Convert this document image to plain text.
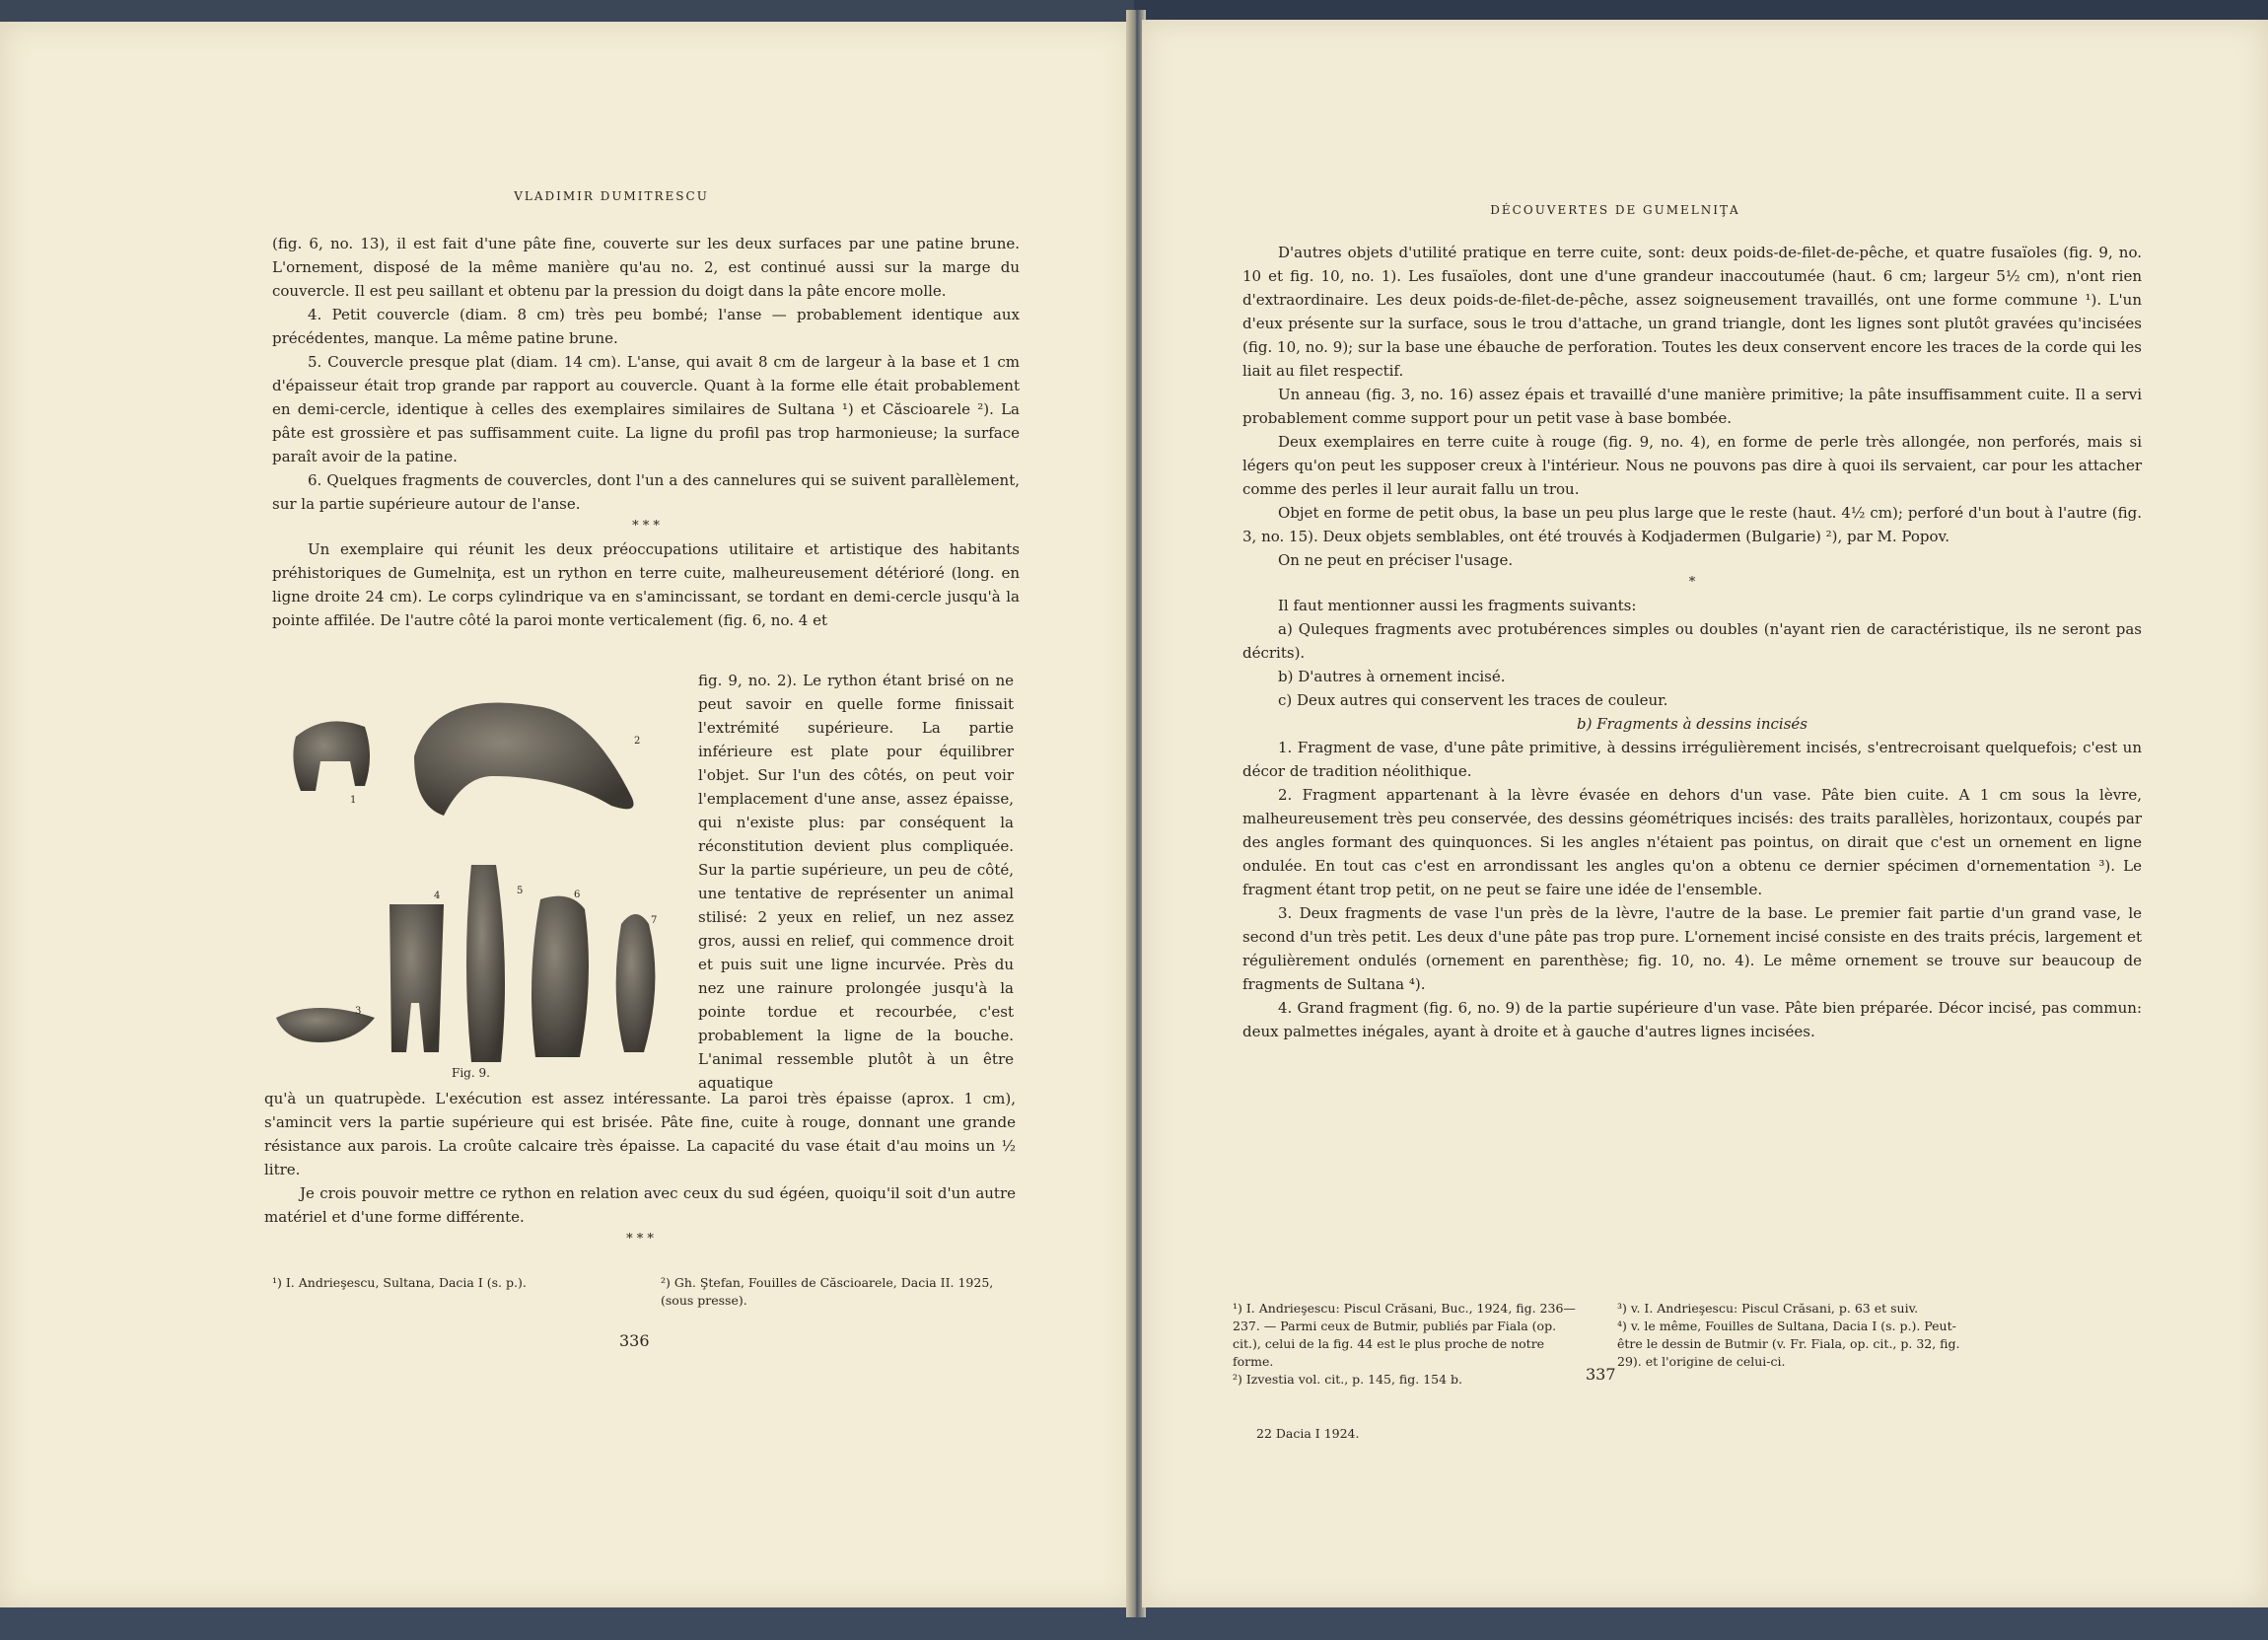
VLADIMIR DUMITRESCU

(fig. 6, no. 13), il est fait d'une pâte fine, couverte sur les deux surfaces par une patine brune. L'ornement, disposé de la même manière qu'au no. 2, est continué aussi sur la marge du couvercle. Il est peu saillant et obtenu par la pression du doigt dans la pâte encore molle.

4. Petit couvercle (diam. 8 cm) très peu bombé; l'anse — probablement identique aux précédentes, manque. La même patine brune.

5. Couvercle presque plat (diam. 14 cm). L'anse, qui avait 8 cm de largeur à la base et 1 cm d'épaisseur était trop grande par rapport au couvercle. Quant à la forme elle était probablement en demi-cercle, identique à celles des exemplaires similaires de Sultana ¹) et Căscioarele ²). La pâte est grossière et pas suffisamment cuite. La ligne du profil pas trop harmonieuse; la surface paraît avoir de la patine.

6. Quelques fragments de couvercles, dont l'un a des cannelures qui se suivent parallèlement, sur la partie supérieure autour de l'anse.

* * *

Un exemplaire qui réunit les deux préoccupations utilitaire et artistique des habitants préhistoriques de Gumelniţa, est un rython en terre cuite, malheureusement détérioré (long. en ligne droite 24 cm). Le corps cylindrique va en s'amincissant, se tordant en demi-cercle jusqu'à la pointe affilée. De l'autre côté la paroi monte verticalement (fig. 6, no. 4 et

fig. 9, no. 2). Le rython étant brisé on ne peut savoir en quelle forme finissait l'extrémité supérieure. La partie inférieure est plate pour équilibrer l'objet. Sur l'un des côtés, on peut voir l'emplacement d'une anse, assez épaisse, qui n'existe plus: par conséquent la réconstitution devient plus compliquée. Sur la partie supérieure, un peu de côté, une tentative de représenter un animal stilisé: 2 yeux en relief, un nez assez gros, aussi en relief, qui commence droit et puis suit une ligne incurvée. Près du nez une rainure prolongée jusqu'à la pointe tordue et recourbée, c'est probablement la ligne de la bouche. L'animal ressemble plutôt à un être aquatique

1
2
3
4	5	6
7
Fig. 9.

qu'à un quatrupède. L'exécution est assez intéressante. La paroi très épaisse (aprox. 1 cm), s'amincit vers la partie supérieure qui est brisée. Pâte fine, cuite à rouge, donnant une grande résistance aux parois. La croûte calcaire très épaisse. La capacité du vase était d'au moins un ½ litre.

Je crois pouvoir mettre ce rython en relation avec ceux du sud égéen, quoiqu'il soit d'un autre matériel et d'une forme différente.

* * *

¹) I. Andrieşescu, Sultana, Dacia I (s. p.).	²) Gh. Ştefan, Fouilles de Căscioarele, Dacia II. 1925, (sous presse).
336
DÉCOUVERTES DE GUMELNIŢA

D'autres objets d'utilité pratique en terre cuite, sont: deux poids-de-filet-de-pêche, et quatre fusaïoles (fig. 9, no. 10 et fig. 10, no. 1). Les fusaïoles, dont une d'une grandeur inaccoutumée (haut. 6 cm; largeur 5½ cm), n'ont rien d'extraordinaire. Les deux poids-de-filet-de-pêche, assez soigneusement travaillés, ont une forme commune ¹). L'un d'eux présente sur la surface, sous le trou d'attache, un grand triangle, dont les lignes sont plutôt gravées qu'incisées (fig. 10, no. 9); sur la base une ébauche de perforation. Toutes les deux conservent encore les traces de la corde qui les liait au filet respectif.

Un anneau (fig. 3, no. 16) assez épais et travaillé d'une manière primitive; la pâte insuffisamment cuite. Il a servi probablement comme support pour un petit vase à base bombée.

Deux exemplaires en terre cuite à rouge (fig. 9, no. 4), en forme de perle très allongée, non perforés, mais si légers qu'on peut les supposer creux à l'intérieur. Nous ne pouvons pas dire à quoi ils servaient, car pour les attacher comme des perles il leur aurait fallu un trou.

Objet en forme de petit obus, la base un peu plus large que le reste (haut. 4½ cm); perforé d'un bout à l'autre (fig. 3, no. 15). Deux objets semblables, ont été trouvés à Kodjadermen (Bulgarie) ²), par M. Popov.

On ne peut en préciser l'usage.

*

Il faut mentionner aussi les fragments suivants:

a) Quleques fragments avec protubérences simples ou doubles (n'ayant rien de caractéristique, ils ne seront pas décrits).

b) D'autres à ornement incisé.

c) Deux autres qui conservent les traces de couleur.

b) Fragments à dessins incisés

1. Fragment de vase, d'une pâte primitive, à dessins irrégulièrement incisés, s'entrecroisant quelquefois; c'est un décor de tradition néolithique.

2. Fragment appartenant à la lèvre évasée en dehors d'un vase. Pâte bien cuite. A 1 cm sous la lèvre, malheureusement très peu conservée, des dessins géométriques incisés: des traits parallèles, horizontaux, coupés par des angles formant des quinquonces. Si les angles n'étaient pas pointus, on dirait que c'est un ornement en ligne ondulée. En tout cas c'est en arrondissant les angles qu'on a obtenu ce dernier spécimen d'ornementation ³). Le fragment étant trop petit, on ne peut se faire une idée de l'ensemble.

3. Deux fragments de vase l'un près de la lèvre, l'autre de la base. Le premier fait partie d'un grand vase, le second d'un très petit. Les deux d'une pâte pas trop pure. L'ornement incisé consiste en des traits précis, largement et régulièrement ondulés (ornement en parenthèse; fig. 10, no. 4). Le même ornement se trouve sur beaucoup de fragments de Sultana ⁴).

4. Grand fragment (fig. 6, no. 9) de la partie supérieure d'un vase. Pâte bien préparée. Décor incisé, pas commun: deux palmettes inégales, ayant à droite et à gauche d'autres lignes incisées.

¹) I. Andrieşescu: Piscul Crăsani, Buc., 1924, fig. 236—237. — Parmi ceux de Butmir, publiés par Fiala (op. cit.), celui de la fig. 44 est le plus proche de notre forme.
²) Izvestia vol. cit., p. 145, fig. 154 b.
³) v. I. Andrieşescu: Piscul Crăsani, p. 63 et suiv.
⁴) v. le même, Fouilles de Sultana, Dacia I (s. p.). Peut-être le dessin de Butmir (v. Fr. Fiala, op. cit., p. 32, fig. 29). et l'origine de celui-ci.
337
22 Dacia I 1924.
